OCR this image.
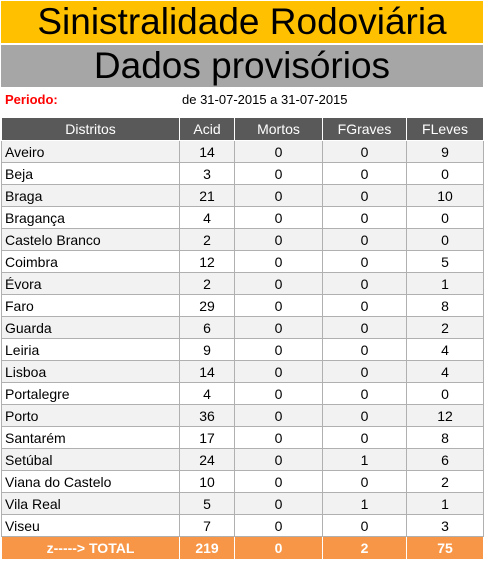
Sinistralidade Rodoviária
Dados provisórios
Periodo:	de 31-07-2015 a 31-07-2015
Distritos	Acid	Mortos	FGraves	FLeves
Aveiro	14	0	0	9
Beja	3	0	0	0
Braga	21	0	0	10
Bragança	4	0	0	0
Castelo Branco	2	0	0	0
Coimbra	12	0	0	5
Évora	2	0	0	1
Faro	29	0	0	8
Guarda	6	0	0	2
Leiria	9	0	0	4
Lisboa	14	0	0	4
Portalegre	4	0	0	0
Porto	36	0	0	12
Santarém	17	0	0	8
Setúbal	24	0	1	6
Viana do Castelo	10	0	0	2
Vila Real	5	0	1	1
Viseu	7	0	0	3
z-----> TOTAL	219	0	2	75
